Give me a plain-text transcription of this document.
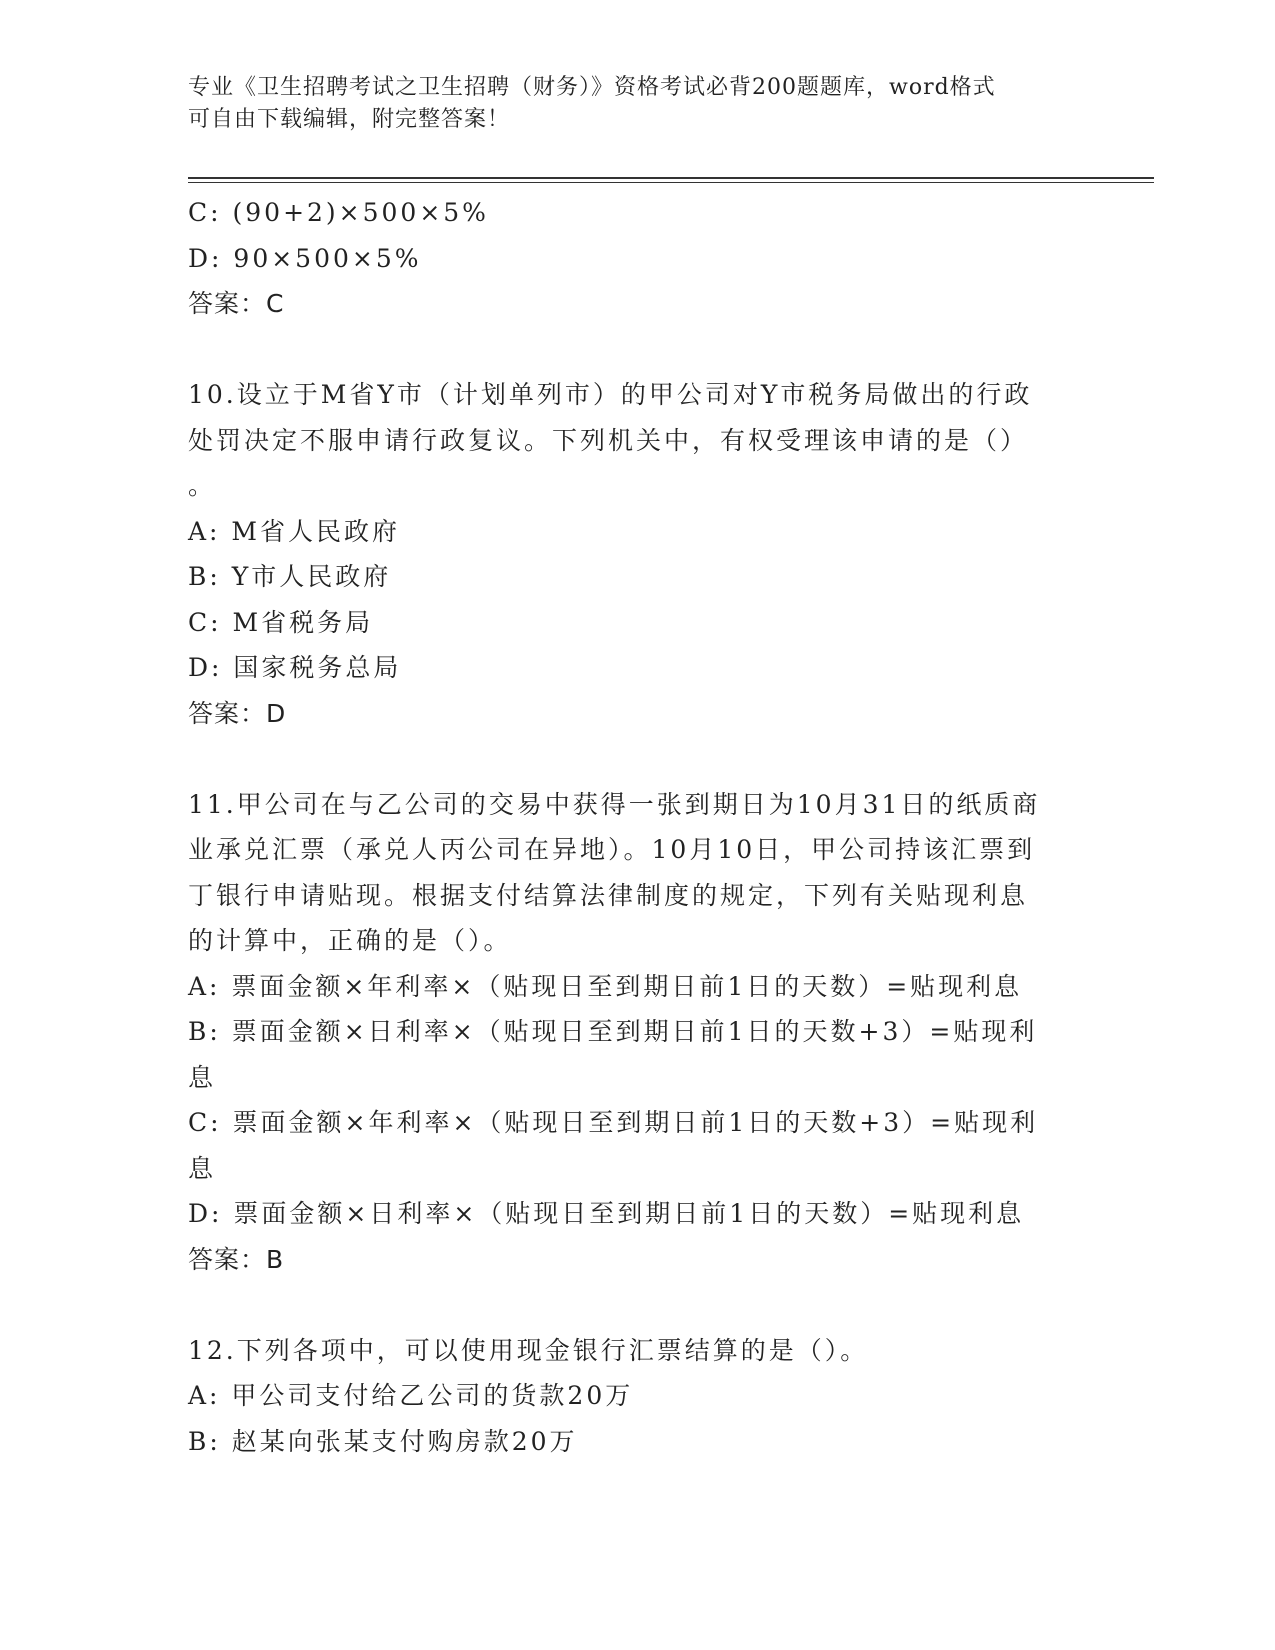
专业《卫生招聘考试之卫生招聘（财务）》资格考试必背200题题库，word格式
可自由下载编辑，附完整答案！
C: (90+2)×500×5%
D: 90×500×5%
答案：C
10.设立于M省Y市（计划单列市）的甲公司对Y市税务局做出的行政
处罚决定不服申请行政复议。下列机关中，有权受理该申请的是（）
。
A: M省人民政府
B: Y市人民政府
C: M省税务局
D: 国家税务总局
答案：D
11.甲公司在与乙公司的交易中获得一张到期日为10月31日的纸质商
业承兑汇票（承兑人丙公司在异地）。10月10日，甲公司持该汇票到
丁银行申请贴现。根据支付结算法律制度的规定，下列有关贴现利息
的计算中，正确的是（）。
A: 票面金额×年利率×（贴现日至到期日前1日的天数）=贴现利息
B: 票面金额×日利率×（贴现日至到期日前1日的天数+3）=贴现利
息
C: 票面金额×年利率×（贴现日至到期日前1日的天数+3）=贴现利
息
D: 票面金额×日利率×（贴现日至到期日前1日的天数）=贴现利息
答案：B
12.下列各项中，可以使用现金银行汇票结算的是（）。
A: 甲公司支付给乙公司的货款20万
B: 赵某向张某支付购房款20万
